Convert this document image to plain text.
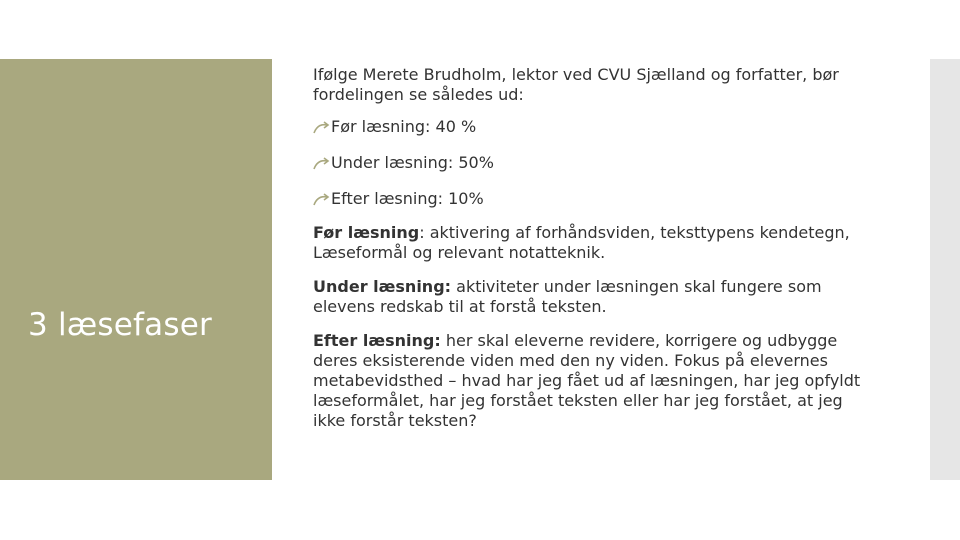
3 læsefaser

Ifølge Merete Brudholm, lektor ved CVU Sjælland og forfatter, bør fordelingen se således ud:

Før læsning: 40 %
Under læsning: 50%
Efter læsning: 10%

Før læsning: aktivering af forhåndsviden, teksttypens kendetegn, Læseformål og relevant notatteknik.

Under læsning: aktiviteter under læsningen skal fungere som elevens redskab til at forstå teksten.

Efter læsning: her skal eleverne revidere, korrigere og udbygge deres eksisterende viden med den ny viden. Fokus på elevernes metabevidsthed – hvad har jeg fået ud af læsningen, har jeg opfyldt læseformålet, har jeg forstået teksten eller har jeg forstået, at jeg ikke forstår teksten?
